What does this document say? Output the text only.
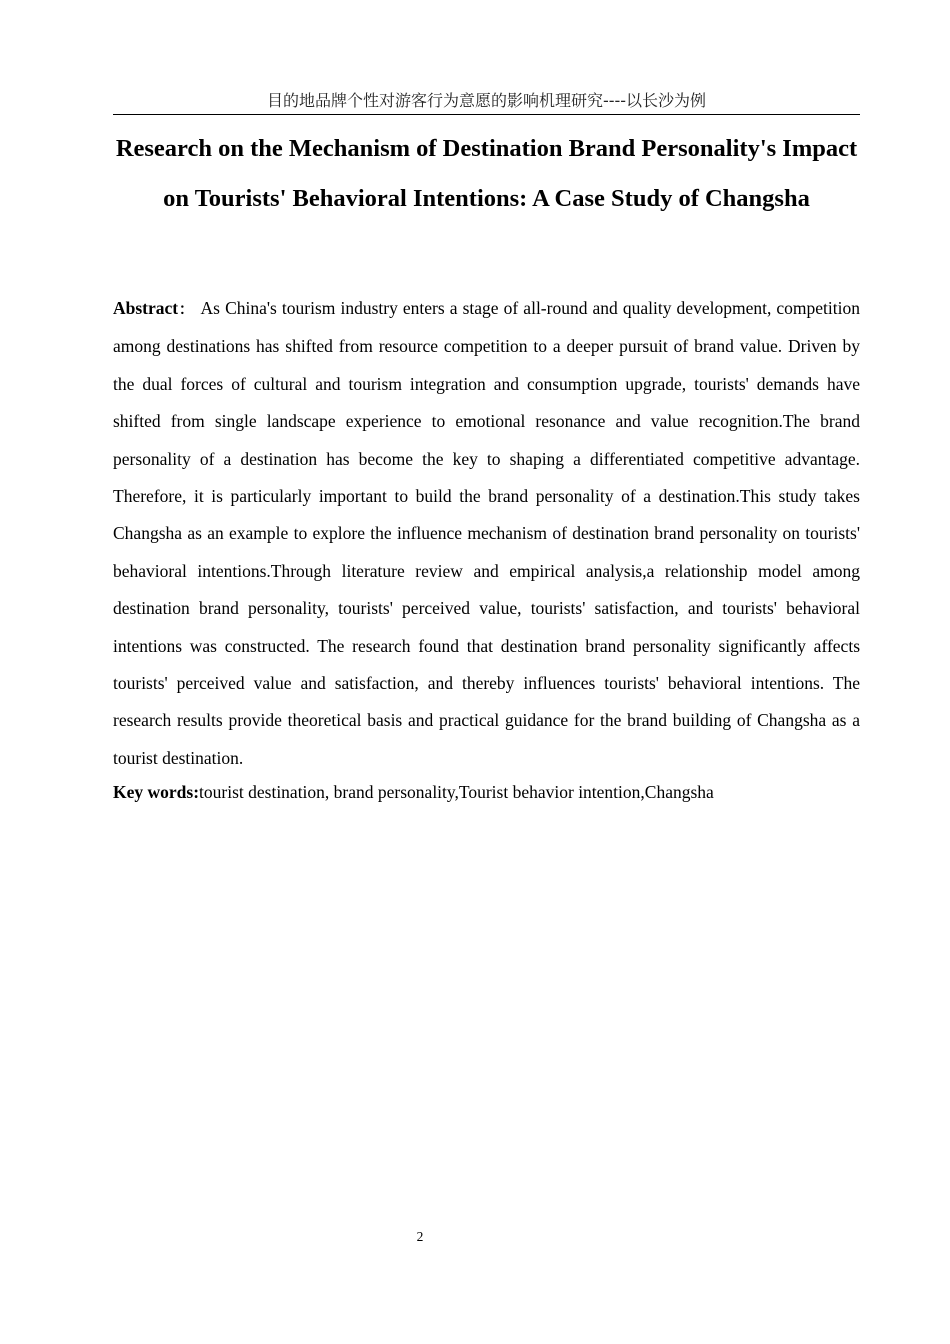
目的地品牌个性对游客行为意愿的影响机理研究----以长沙为例
Research on the Mechanism of Destination Brand Personality's Impact on Tourists' Behavioral Intentions: A Case Study of Changsha

Abstract： As China's tourism industry enters a stage of all-round and quality development, competition among destinations has shifted from resource competition to a deeper pursuit of brand value. Driven by the dual forces of cultural and tourism integration and consumption upgrade, tourists' demands have shifted from single landscape experience to emotional resonance and value recognition.The brand personality of a destination has become the key to shaping a differentiated competitive advantage. Therefore, it is particularly important to build the brand personality of a destination.This study takes Changsha as an example to explore the influence mechanism of destination brand personality on tourists' behavioral intentions.Through literature review and empirical analysis,a relationship model among destination brand personality, tourists' perceived value, tourists' satisfaction, and tourists' behavioral intentions was constructed. The research found that destination brand personality significantly affects tourists' perceived value and satisfaction, and thereby influences tourists' behavioral intentions. The research results provide theoretical basis and practical guidance for the brand building of Changsha as a tourist destination.

Key words:tourist destination, brand personality,Tourist behavior intention,Changsha

2
